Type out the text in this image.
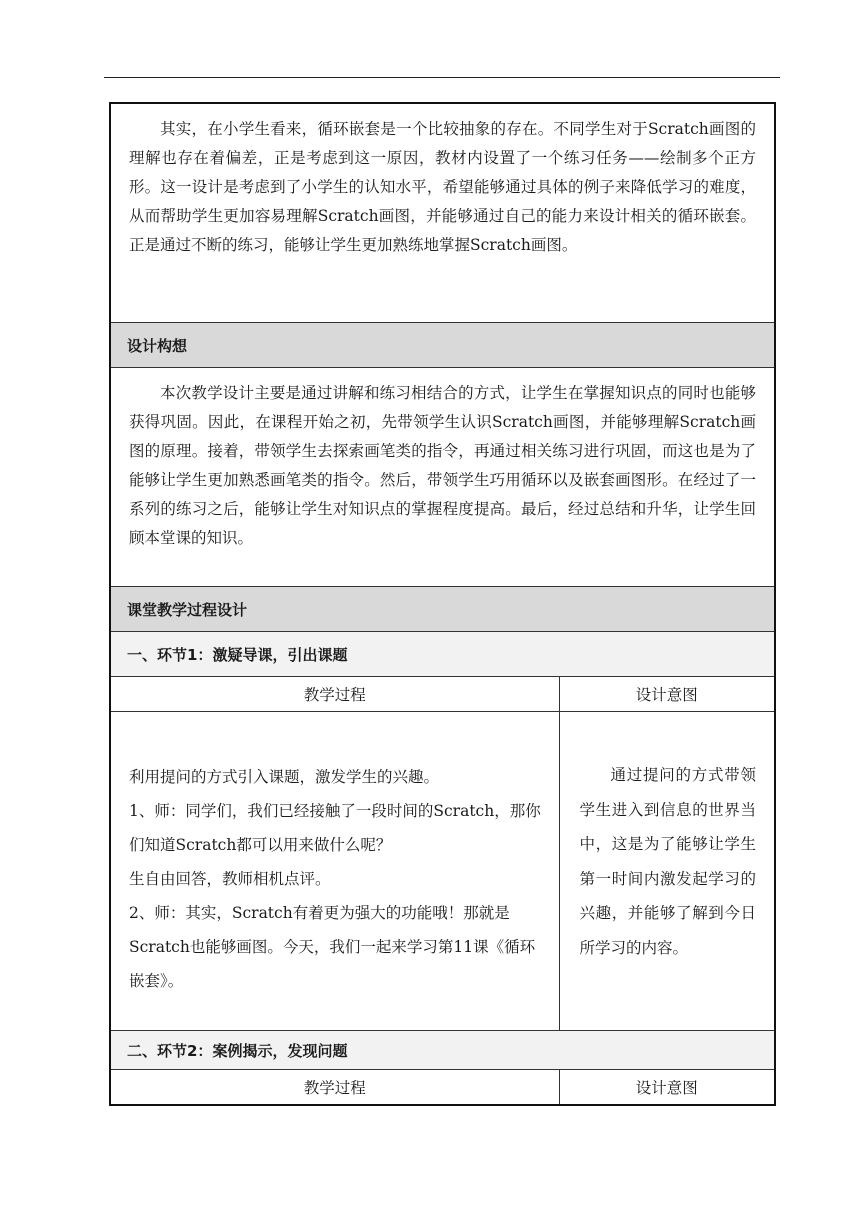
其实，在小学生看来，循环嵌套是一个比较抽象的存在。不同学生对于Scratch画图的理解也存在着偏差，正是考虑到这一原因，教材内设置了一个练习任务——绘制多个正方形。这一设计是考虑到了小学生的认知水平，希望能够通过具体的例子来降低学习的难度，从而帮助学生更加容易理解Scratch画图，并能够通过自己的能力来设计相关的循环嵌套。正是通过不断的练习，能够让学生更加熟练地掌握Scratch画图。	

设计构想	

本次教学设计主要是通过讲解和练习相结合的方式，让学生在掌握知识点的同时也能够获得巩固。因此，在课程开始之初，先带领学生认识Scratch画图，并能够理解Scratch画图的原理。接着，带领学生去探索画笔类的指令，再通过相关练习进行巩固，而这也是为了能够让学生更加熟悉画笔类的指令。然后，带领学生巧用循环以及嵌套画图形。在经过了一系列的练习之后，能够让学生对知识点的掌握程度提高。最后，经过总结和升华，让学生回顾本堂课的知识。	

课堂教学过程设计	
一、环节1：激疑导课，引出课题	
教学过程	设计意图

利用提问的方式引入课题，激发学生的兴趣。

1、师：同学们，我们已经接触了一段时间的Scratch，那你们知道Scratch都可以用来做什么呢？

生自由回答，教师相机点评。

2、师：其实，Scratch有着更为强大的功能哦！那就是Scratch也能够画图。今天，我们一起来学习第11课《循环嵌套》。	通过提问的方式带领学生进入到信息的世界当中，这是为了能够让学生第一时间内激发起学习的兴趣，并能够了解到今日所学习的内容。

二、环节2：案例揭示，发现问题	
教学过程	设计意图
